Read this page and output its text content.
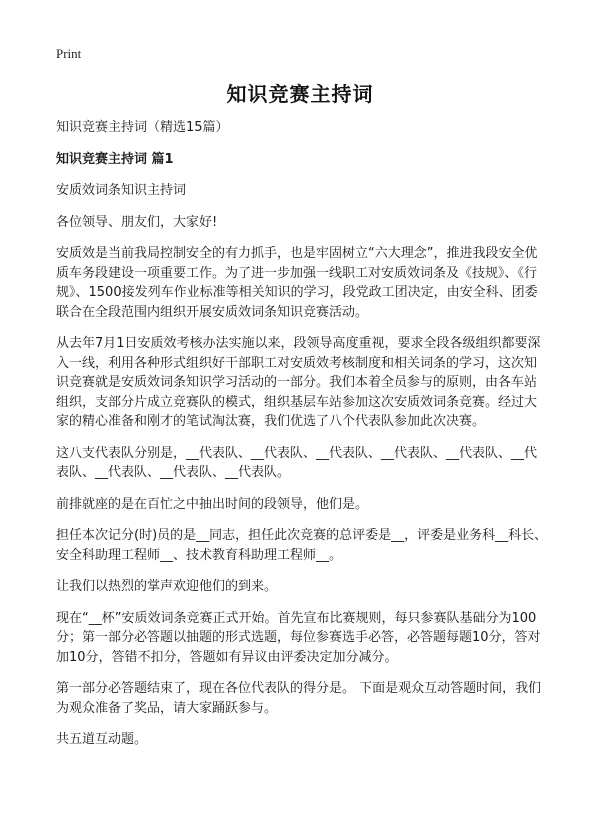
Print
知识竞赛主持词

知识竞赛主持词（精选15篇）

知识竞赛主持词 篇1

安质效词条知识主持词

各位领导、朋友们，大家好!

安质效是当前我局控制安全的有力抓手，也是牢固树立“六大理念”，推进我段安全优质车务段建设一项重要工作。为了进一步加强一线职工对安质效词条及《技规》、《行规》、1500接发列车作业标准等相关知识的学习，段党政工团决定，由安全科、团委联合在全段范围内组织开展安质效词条知识竞赛活动。

从去年7月1日安质效考核办法实施以来，段领导高度重视，要求全段各级组织都要深入一线，利用各种形式组织好干部职工对安质效考核制度和相关词条的学习，这次知识竞赛就是安质效词条知识学习活动的一部分。我们本着全员参与的原则，由各车站组织，支部分片成立竞赛队的模式，组织基层车站参加这次安质效词条竞赛。经过大家的精心准备和刚才的笔试淘汰赛，我们优选了八个代表队参加此次决赛。

这八支代表队分别是，__代表队、__代表队、__代表队、__代表队、__代表队、__代表队、__代表队、__代表队、__代表队。

前排就座的是在百忙之中抽出时间的段领导，他们是。

担任本次记分(时)员的是__同志，担任此次竞赛的总评委是__，评委是业务科__科长、安全科助理工程师__、技术教育科助理工程师__。

让我们以热烈的掌声欢迎他们的到来。

现在“__杯”安质效词条竞赛正式开始。首先宣布比赛规则，每只参赛队基础分为100分；第一部分必答题以抽题的形式选题，每位参赛选手必答，必答题每题10分，答对加10分，答错不扣分，答题如有异议由评委决定加分减分。

第一部分必答题结束了，现在各位代表队的得分是。 下面是观众互动答题时间，我们为观众准备了奖品，请大家踊跃参与。

共五道互动题。
